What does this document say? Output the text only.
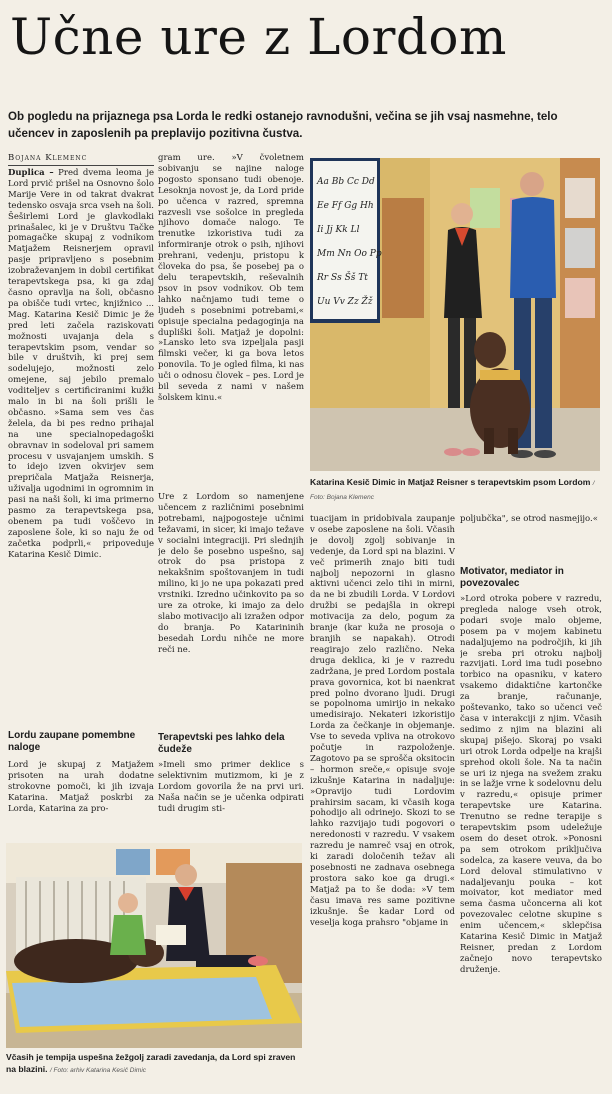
Učne ure z Lordom
Ob pogledu na prijaznega psa Lorda le redki ostanejo ravnodušni, večina se jih vsaj nasmehne, telo učencev in zaposlenih pa preplavijo pozitivna čustva.
Bojana Klemenc

Duplica – Pred dvema leoma je Lord prvič prišel na Osnovno šolo Marije Vere in od takrat dvakrat tedensko osvaja srca vseh na šoli. Šeširlemi Lord je glavkodlaki prinašalec, ki je v Društvu Tačke pomagačke skupaj z vodnikom Matjažem Reisnerjem opravil pasje pripravljeno s posebnim izobraževanjem in dobil certifikat terapevtskega psa, ki ga zdaj časno opravlja na šoli, občasno pa obišče tudi vrtec, knjižnico ... Mag. Katarina Kesič Dimic je že pred leti začela raziskovati možnosti uvajanja dela s terapevtskim psom, vendar so bile v društvih, ki prej sem sodelujejo, možnosti zelo omejene, saj jebilo premalo voditeljev s certificiranimi kužki malo in bi na šoli prišli le občasno. »Sama sem ves čas želela, da bi pes redno prihajal na une specialnopedagoški obravnav in sodeloval pri samem procesu v usvajanjem umskih. S to idejo izven okvirjev sem prepričala Matjaža Reisnerja, uživalja ugodnimi in ogromnim in pasi na naši šoli, ki ima primerno pasmo za terapevtskega psa, obenem pa tudi voščevo in zaposlene šole, ki so naju že od začetka podprli,« pripoveduje Katarina Kesič Dimic.

Lordu zaupane pomembne naloge

Lord je skupaj z Matjažem prisoten na urah dodatne strokovne pomoči, ki jih izvaja Katarina. Matjaž poskrbi za Lorda, Katarina za pro-

gram ure. »V čvoletnem sobivanju se najine naloge pogosto sponsano tudi obenoje. Lesoknja novost je, da Lord pride po učenca v razred, spremna razvesli vse sošolce in pregleda njihovo domače nalogo. Te trenutke izkoristiva tudi za informiranje otrok o psih, njihovi prehrani, vedenju, pristopu k človeka do psa, še posebej pa o delu terapevtskih, reševalnih psov in psov vodnikov. Ob tem lahko načnjamo tudi teme o ljudeh s posebnimi potrebami,« opisuje specialna pedagoginja na dupliški šoli. Matjaž je dopolni: »Lansko leto sva izpeljala pasji filmski večer, ki ga bova letos ponovila. To je ogled filma, ki nas uči o odnosu človek – pes. Lord je bil seveda z nami v našem šolskem kinu.«

Ure z Lordom so namenjene učencem z različnimi posebnimi potrebami, najpogosteje učnimi težavami, in sicer, ki imajo težave v socialni integraciji. Pri slednjih je delo še posebno uspešno, saj otrok do psa pristopa z nekakšnim spoštovanjem in tudi milino, ki jo ne upa pokazati pred vrstniki. Izredno učinkovito pa so ure za otroke, ki imajo za delo slabo motivacijo ali izražen odpor do branja. Po Katarininih besedah Lordu nihče ne more reči ne.

Terapevtski pes lahko dela čudeže

»Imeli smo primer deklice s selektivnim mutizmom, ki je z Lordom govorila že na prvi uri. Naša način se je učenka odpirati tudi drugim sti-

Aa Bb Cc Dd
Ee Ff Gg Hh
Ii Jj Kk Ll
Mm Nn Oo Pp
Rr Ss Šš Tt
Uu Vv Zz Žž
Katarina Kesič Dimic in Matjaž Reisner s terapevtskim psom Lordom / Foto: Bojana Klemenc

tuacijam in pridobivala zaupanje v osebe zaposlene na šoli. Včasih je dovolj zgolj sobivanje in vedenje, da Lord spi na blazini. V več primerih znajo biti tudi najbolj nepozorni in glasno aktivni učenci zelo tihi in mirni, da ne bi zbudili Lorda. V Lordovi družbi se pedajšla in okrepi motivacija za delo, pogum za branje (kar kuža ne prosoja o branjih se napakah). Otrodi reagirajo zelo različno. Neka druga deklica, ki je v razredu zadržana, je pred Lordom postala prava govornica, kot bi naenkrat pred polno dvorano ljudi. Drugi se popolnoma umirijo in nekako umedisirajo. Nekateri izkoristijo Lorda za čečkanje in objemanje. Vse to seveda vpliva na otrokovo počutje in razpoloženje. Zagotovo pa se sprošča oksitocin – hormon sreče,« opisuje svoje izkušnje Katarina in nadaljuje: »Opravijo tudi Lordovim prahirsim sacam, ki včasih koga pohodijo ali odrinejo. Skozi to se lahko razvijajo tudi pogovori o neredonosti v razredu. V vsakem razredu je namreč vsaj en otrok, ki zaradi določenih težav ali posebnosti ne zadnava osebnega prostora sako koe ga drugi.« Matjaž pa to še doda: »V tem času imava res same pozitivne izkušnje. Še kadar Lord od veselja koga prahsro "objame in

poljubčka", se otrod nasmejijo.«

Motivator, mediator in povezovalec

»Lord otroka pobere v razredu, pregleda naloge vseh otrok, podari svoje malo objeme, posem pa v mojem kabinetu nadaljujemo na področjih, ki jih je sreba pri otroku najbolj razvijati. Lord ima tudi posebno torbico na opasniku, v katero vsakemo didaktične kartončke za branje, računanje, poštevanko, tako so učenci več časa v interakciji z njim. Včasih sedimo z njim na blazini ali skupaj pišejo. Skoraj po vsaki uri otrok Lorda odpelje na krajši sprehod okoli šole. Na ta način se uri iz njega na svežem zraku in se lažje vrne k sodelovnu delu v razredu,« opisuje primer terapevtske ure Katarina. Trenutno se redne terapije s terapevtskim psom udeležuje osem do deset otrok. »Ponosni pa sem otrokom priključiva sodelca, za kasere veuva, da bo Lord deloval stimulativno v nadaljevanju pouka – kot moivator, kot mediator med sema časma učoncerna ali kot povezovalec celotne skupine s enim učencem,« sklepčisa Katarina Kesič Dimic in Matjaž Reisner, predan z Lordom začnejo novo terapevtsko druženje.

Včasih je tempija uspešna žežgolj zaradi zavedanja, da Lord spi zraven na blazini. / Foto: arhiv Katarina Kesič Dimic
